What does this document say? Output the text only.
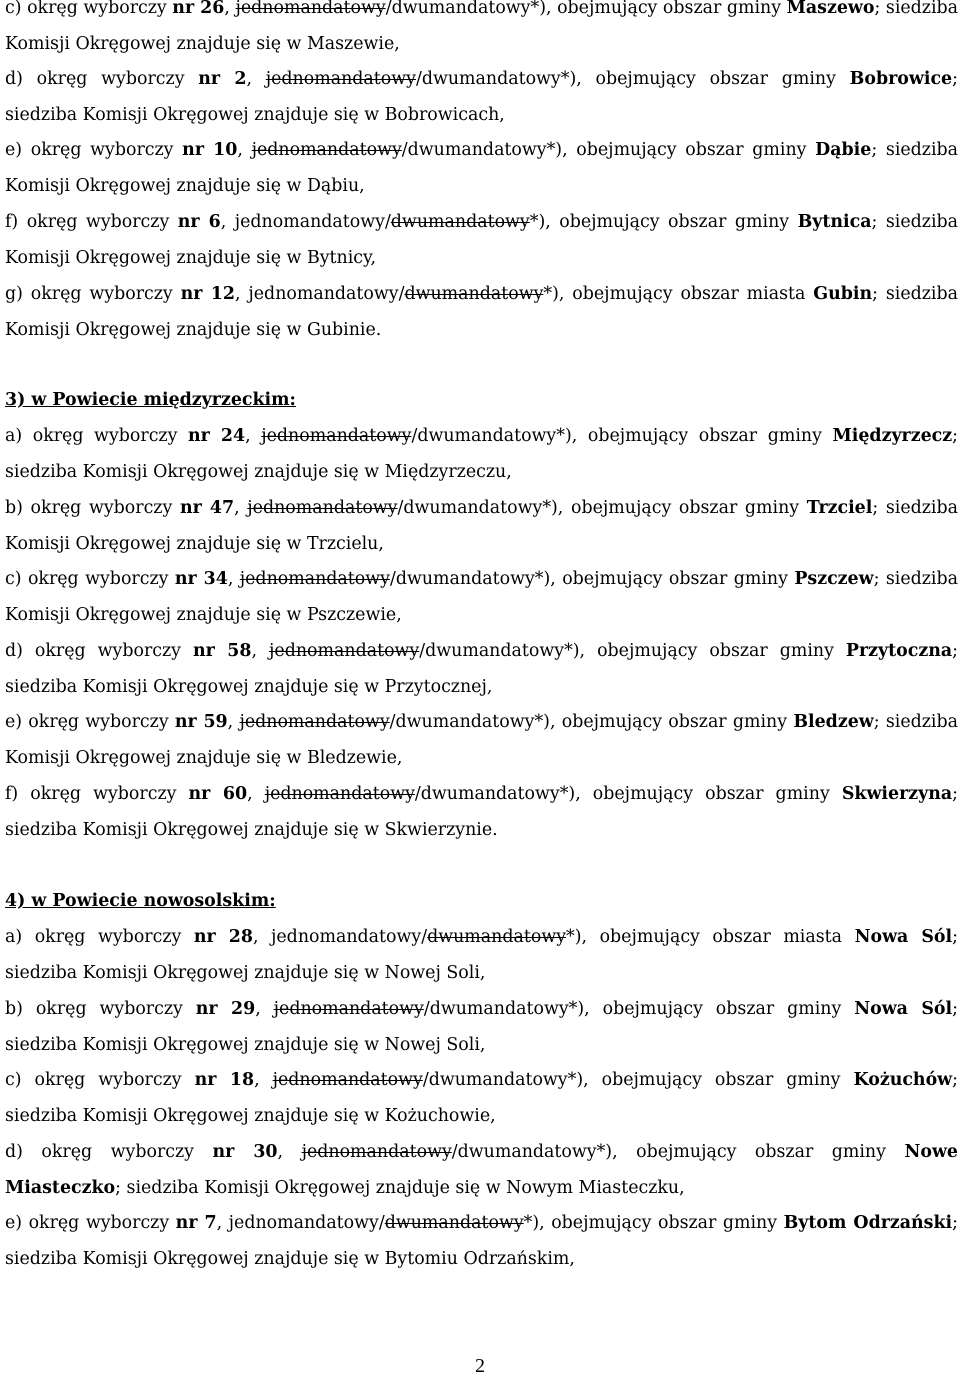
c) okręg wyborczy nr 26, jednomandatowy/dwumandatowy*), obejmujący obszar gminy Maszewo; siedziba Komisji Okręgowej znajduje się w Maszewie,

d) okręg wyborczy nr 2, jednomandatowy/dwumandatowy*), obejmujący obszar gminy Bobrowice; siedziba Komisji Okręgowej znajduje się w Bobrowicach,

e) okręg wyborczy nr 10, jednomandatowy/dwumandatowy*), obejmujący obszar gminy Dąbie; siedziba Komisji Okręgowej znajduje się w Dąbiu,

f) okręg wyborczy nr 6, jednomandatowy/dwumandatowy*), obejmujący obszar gminy Bytnica; siedziba Komisji Okręgowej znajduje się w Bytnicy,

g) okręg wyborczy nr 12, jednomandatowy/dwumandatowy*), obejmujący obszar miasta Gubin; siedziba Komisji Okręgowej znajduje się w Gubinie.

3) w Powiecie międzyrzeckim:

a) okręg wyborczy nr 24, jednomandatowy/dwumandatowy*), obejmujący obszar gminy Międzyrzecz; siedziba Komisji Okręgowej znajduje się w Międzyrzeczu,

b) okręg wyborczy nr 47, jednomandatowy/dwumandatowy*), obejmujący obszar gminy Trzciel; siedziba Komisji Okręgowej znajduje się w Trzcielu,

c) okręg wyborczy nr 34, jednomandatowy/dwumandatowy*), obejmujący obszar gminy Pszczew; siedziba Komisji Okręgowej znajduje się w Pszczewie,

d) okręg wyborczy nr 58, jednomandatowy/dwumandatowy*), obejmujący obszar gminy Przytoczna; siedziba Komisji Okręgowej znajduje się w Przytocznej,

e) okręg wyborczy nr 59, jednomandatowy/dwumandatowy*), obejmujący obszar gminy Bledzew; siedziba Komisji Okręgowej znajduje się w Bledzewie,

f) okręg wyborczy nr 60, jednomandatowy/dwumandatowy*), obejmujący obszar gminy Skwierzyna; siedziba Komisji Okręgowej znajduje się w Skwierzynie.

4) w Powiecie nowosolskim:

a) okręg wyborczy nr 28, jednomandatowy/dwumandatowy*), obejmujący obszar miasta Nowa Sól; siedziba Komisji Okręgowej znajduje się w Nowej Soli,

b) okręg wyborczy nr 29, jednomandatowy/dwumandatowy*), obejmujący obszar gminy Nowa Sól; siedziba Komisji Okręgowej znajduje się w Nowej Soli,

c) okręg wyborczy nr 18, jednomandatowy/dwumandatowy*), obejmujący obszar gminy Kożuchów; siedziba Komisji Okręgowej znajduje się w Kożuchowie,

d) okręg wyborczy nr 30, jednomandatowy/dwumandatowy*), obejmujący obszar gminy Nowe Miasteczko; siedziba Komisji Okręgowej znajduje się w Nowym Miasteczku,

e) okręg wyborczy nr 7, jednomandatowy/dwumandatowy*), obejmujący obszar gminy Bytom Odrzański; siedziba Komisji Okręgowej znajduje się w Bytomiu Odrzańskim,

2
